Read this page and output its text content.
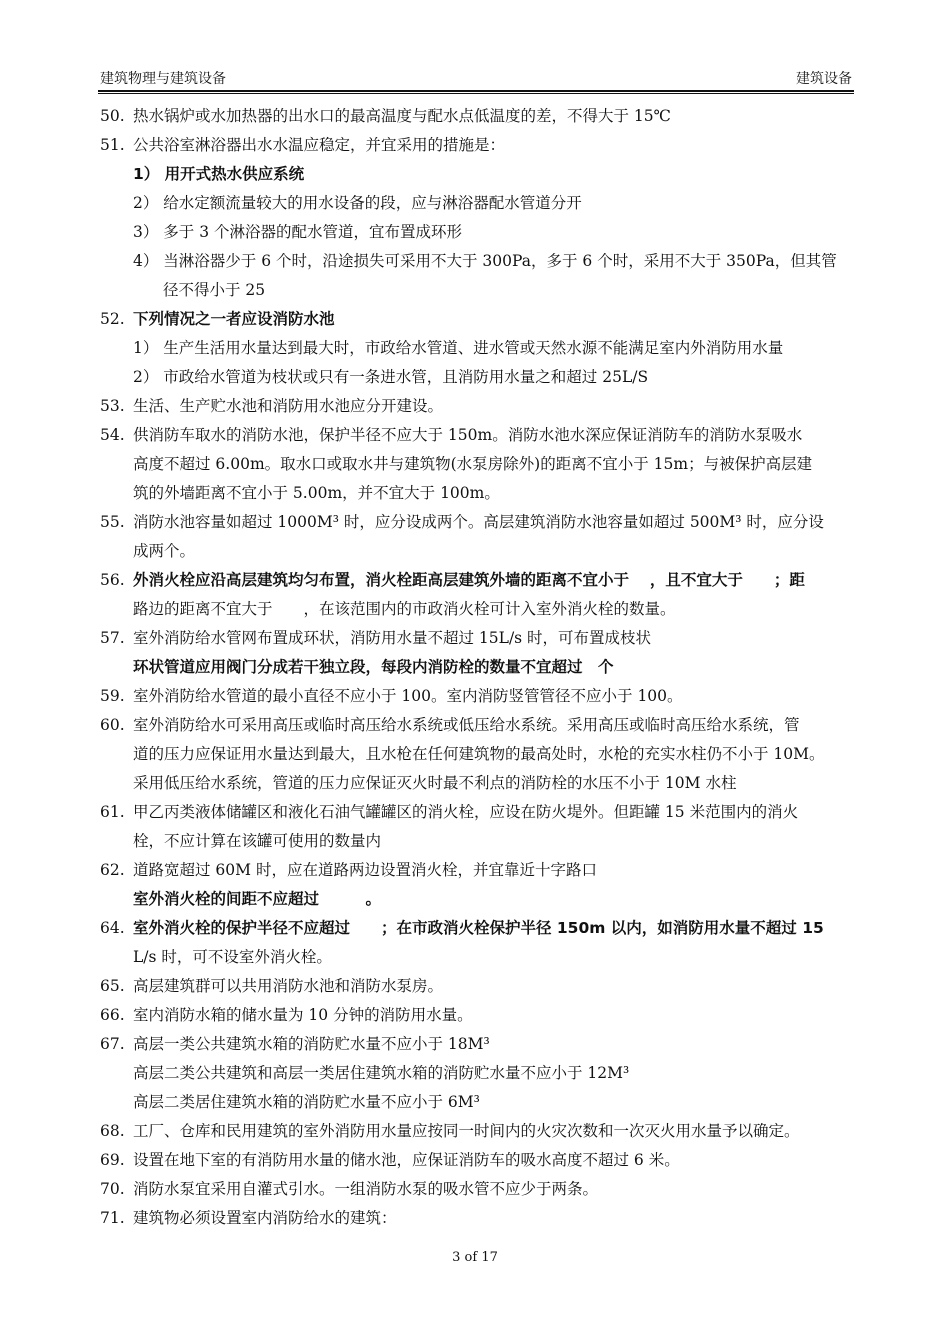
建筑物理与建筑设备	建筑设备
50. 热水锅炉或水加热器的出水口的最高温度与配水点低温度的差，不得大于 15℃
51. 公共浴室淋浴器出水水温应稳定，并宜采用的措施是：
1） 用开式热水供应系统
2） 给水定额流量较大的用水设备的段，应与淋浴器配水管道分开
3） 多于 3 个淋浴器的配水管道，宜布置成环形
4） 当淋浴器少于 6 个时，沿途损失可采用不大于 300Pa，多于 6 个时，采用不大于 350Pa，但其管
径不得小于 25
52. 下列情况之一者应设消防水池
1） 生产生活用水量达到最大时，市政给水管道、进水管或天然水源不能满足室内外消防用水量
2） 市政给水管道为枝状或只有一条进水管，且消防用水量之和超过 25L/S
53. 生活、生产贮水池和消防用水池应分开建设。
54. 供消防车取水的消防水池，保护半径不应大于 150m。消防水池水深应保证消防车的消防水泵吸水
高度不超过 6.00m。取水口或取水井与建筑物(水泵房除外)的距离不宜小于 15m；与被保护高层建
筑的外墙距离不宜小于 5.00m，并不宜大于 100m。
55. 消防水池容量如超过 1000M³ 时，应分设成两个。高层建筑消防水池容量如超过 500M³ 时，应分设
成两个。
56. 外消火栓应沿高层建筑均匀布置，消火栓距高层建筑外墙的距离不宜小于　 ，且不宜大于　　；距
路边的距离不宜大于　　，在该范围内的市政消火栓可计入室外消火栓的数量。
57. 室外消防给水管网布置成环状，消防用水量不超过 15L/s 时，可布置成枝状
环状管道应用阀门分成若干独立段，每段内消防栓的数量不宜超过　个
59. 室外消防给水管道的最小直径不应小于 100。室内消防竖管管径不应小于 100。
60. 室外消防给水可采用高压或临时高压给水系统或低压给水系统。采用高压或临时高压给水系统，管
道的压力应保证用水量达到最大，且水枪在任何建筑物的最高处时，水枪的充实水柱仍不小于 10M。
采用低压给水系统，管道的压力应保证灭火时最不利点的消防栓的水压不小于 10M 水柱
61. 甲乙丙类液体储罐区和液化石油气罐罐区的消火栓，应设在防火堤外。但距罐 15 米范围内的消火
栓，不应计算在该罐可使用的数量内
62. 道路宽超过 60M 时，应在道路两边设置消火栓，并宜靠近十字路口
室外消火栓的间距不应超过　　　。
64. 室外消火栓的保护半径不应超过　　；在市政消火栓保护半径 150m 以内，如消防用水量不超过 15
L/s 时，可不设室外消火栓。
65. 高层建筑群可以共用消防水池和消防水泵房。
66. 室内消防水箱的储水量为 10 分钟的消防用水量。
67. 高层一类公共建筑水箱的消防贮水量不应小于 18M³
高层二类公共建筑和高层一类居住建筑水箱的消防贮水量不应小于 12M³
高层二类居住建筑水箱的消防贮水量不应小于 6M³
68. 工厂、仓库和民用建筑的室外消防用水量应按同一时间内的火灾次数和一次灭火用水量予以确定。
69. 设置在地下室的有消防用水量的储水池，应保证消防车的吸水高度不超过 6 米。
70. 消防水泵宜采用自灌式引水。一组消防水泵的吸水管不应少于两条。
71. 建筑物必须设置室内消防给水的建筑：
3 of 17
